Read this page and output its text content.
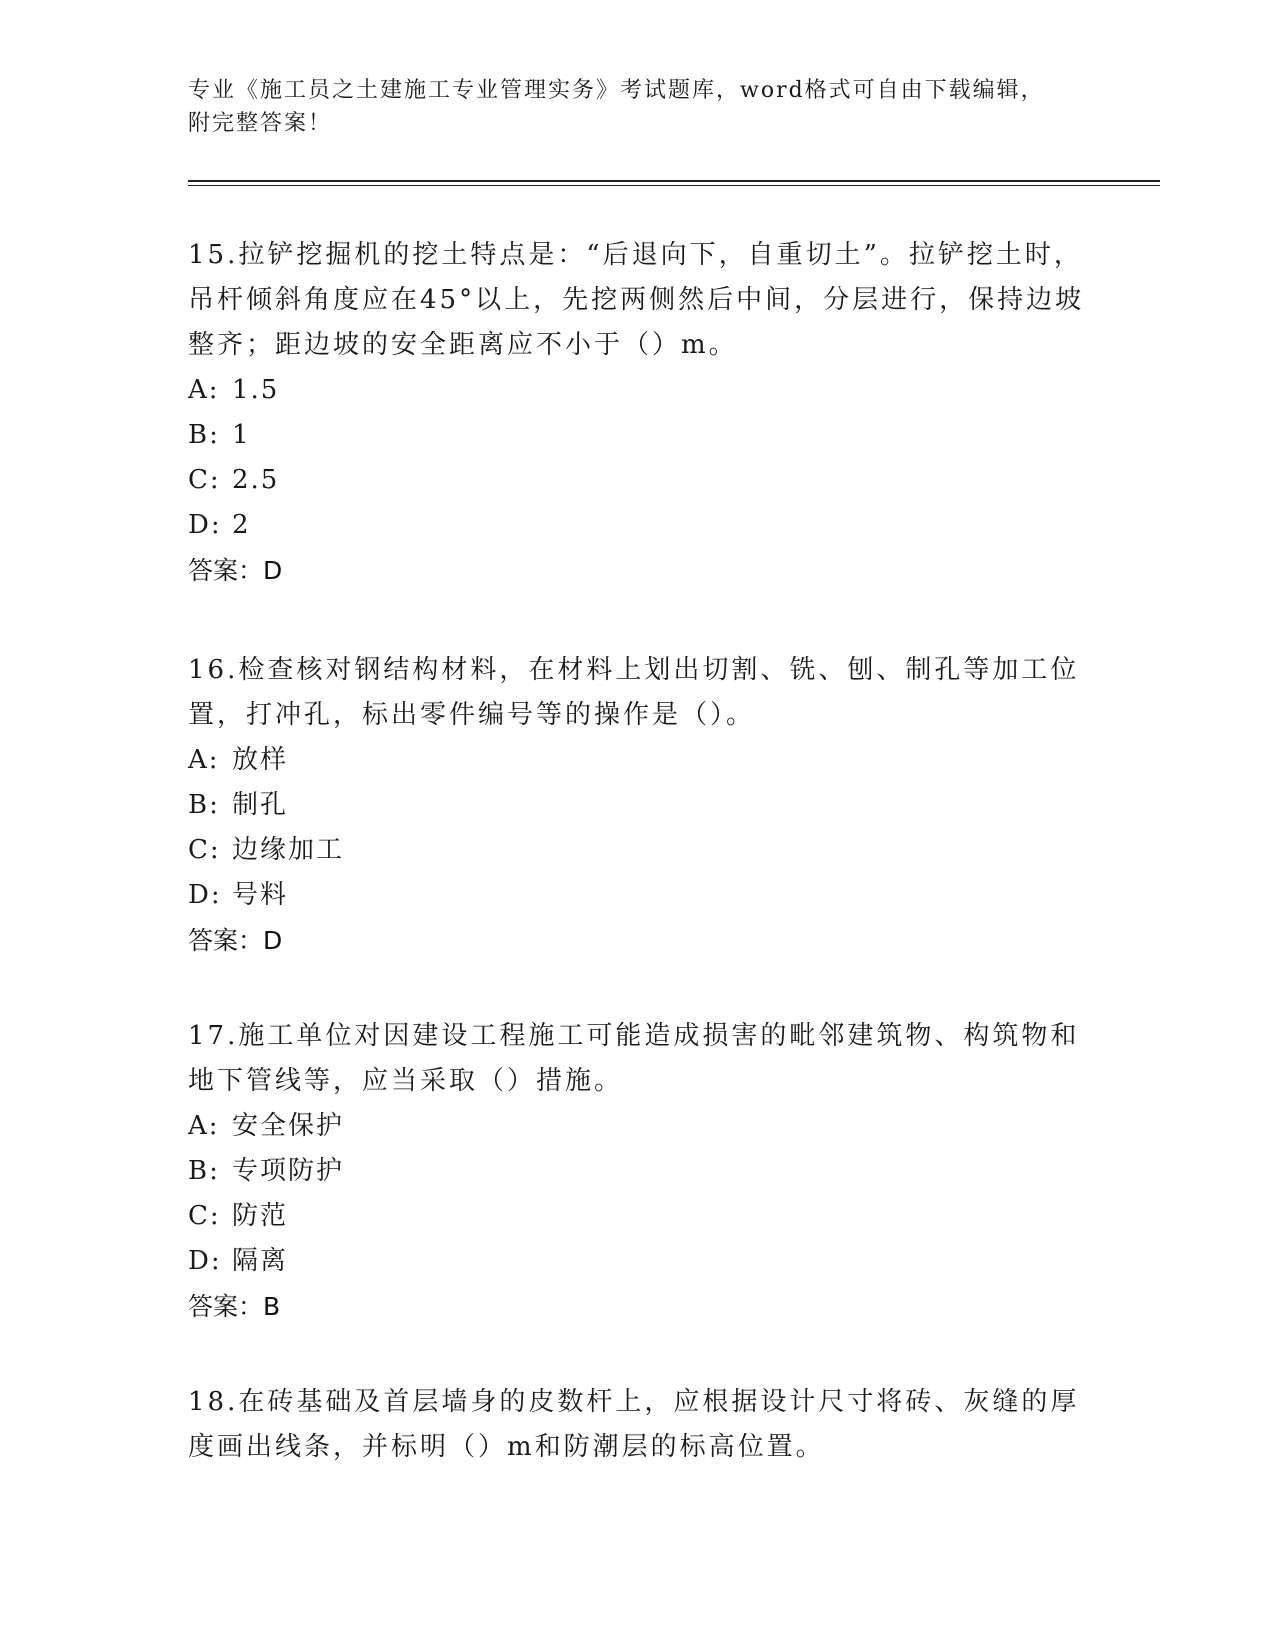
专业《施工员之土建施工专业管理实务》考试题库，word格式可自由下载编辑，附完整答案！

15.拉铲挖掘机的挖土特点是：“后退向下，自重切土”。拉铲挖土时，吊杆倾斜角度应在45°以上，先挖两侧然后中间，分层进行，保持边坡整齐；距边坡的安全距离应不小于（）m。

A: 1.5

B: 1

C: 2.5

D: 2

答案：D

16.检查核对钢结构材料，在材料上划出切割、铣、刨、制孔等加工位置，打冲孔，标出零件编号等的操作是（）。

A: 放样

B: 制孔

C: 边缘加工

D: 号料

答案：D

17.施工单位对因建设工程施工可能造成损害的毗邻建筑物、构筑物和地下管线等，应当采取（）措施。

A: 安全保护

B: 专项防护

C: 防范

D: 隔离

答案：B

18.在砖基础及首层墙身的皮数杆上，应根据设计尺寸将砖、灰缝的厚度画出线条，并标明（）m和防潮层的标高位置。
